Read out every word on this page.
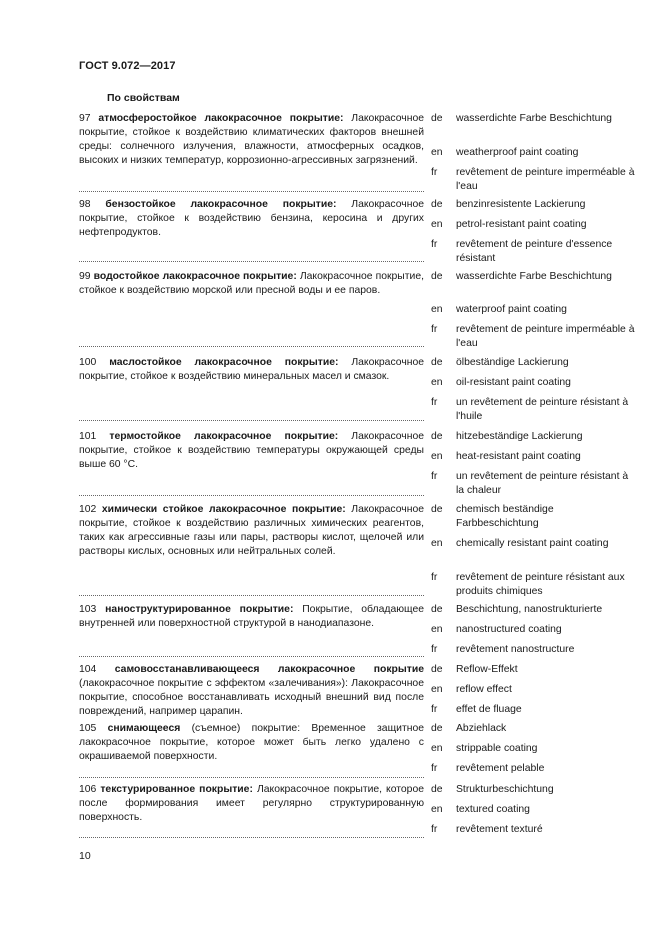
ГОСТ 9.072—2017
По свойствам
97 атмосферостойкое лакокрасочное покрытие: Лакокрасочное покрытие, стойкое к воздействию климатических факторов внешней среды: солнечного излучения, влажности, атмосферных осадков, высоких и низких температур, коррозионно-агрессивных загрязнений.
de	wasserdichte Farbe Beschichtung
en	weatherproof paint coating
fr	revêtement de peinture imperméable à l'eau
98 бензостойкое лакокрасочное покрытие: Лакокрасочное покрытие, стойкое к воздействию бензина, керосина и других нефтепродуктов.
de	benzinresistente Lackierung
en	petrol-resistant paint coating
fr	revêtement de peinture d'essence résistant
99 водостойкое лакокрасочное покрытие: Лакокрасочное покрытие, стойкое к воздействию морской или пресной воды и ее паров.
de	wasserdichte Farbe Beschichtung
en	waterproof paint coating
fr	revêtement de peinture imperméable à l'eau
100 маслостойкое лакокрасочное покрытие: Лакокрасочное покрытие, стойкое к воздействию минеральных масел и смазок.
de	ölbeständige Lackierung
en	oil-resistant paint coating
fr	un revêtement de peinture résistant à l'huile
101 термостойкое лакокрасочное покрытие: Лакокрасочное покрытие, стойкое к воздействию температуры окружающей среды выше 60 °С.
de	hitzebeständige Lackierung
en	heat-resistant paint coating
fr	un revêtement de peinture résistant à la chaleur
102 химически стойкое лакокрасочное покрытие: Лакокрасочное покрытие, стойкое к воздействию различных химических реагентов, таких как агрессивные газы или пары, растворы кислот, щелочей или растворы кислых, основных или нейтральных солей.
de	chemisch beständige Farbbeschichtung
en	chemically resistant paint coating
fr	revêtement de peinture résistant aux produits chimiques
103 наноструктурированное покрытие: Покрытие, обладающее внутренней или поверхностной структурой в нанодиапазоне.
de	Beschichtung, nanostrukturierte
en	nanostructured coating
fr	revêtement nanostructure
104 самовосстанавливающееся лакокрасочное покрытие (лакокрасочное покрытие с эффектом «залечивания»): Лакокрасочное покрытие, способное восстанавливать исходный внешний вид после повреждений, например царапин.
de	Reflow-Effekt
en	reflow effect
fr	effet de fluage
105 снимающееся (съемное) покрытие: Временное защитное лакокрасочное покрытие, которое может быть легко удалено с окрашиваемой поверхности.
de	Abziehlack
en	strippable coating
fr	revêtement pelable
106 текстурированное покрытие: Лакокрасочное покрытие, которое после формирования имеет регулярно структурированную поверхность.
de	Strukturbeschichtung
en	textured coating
fr	revêtement texturé
10
